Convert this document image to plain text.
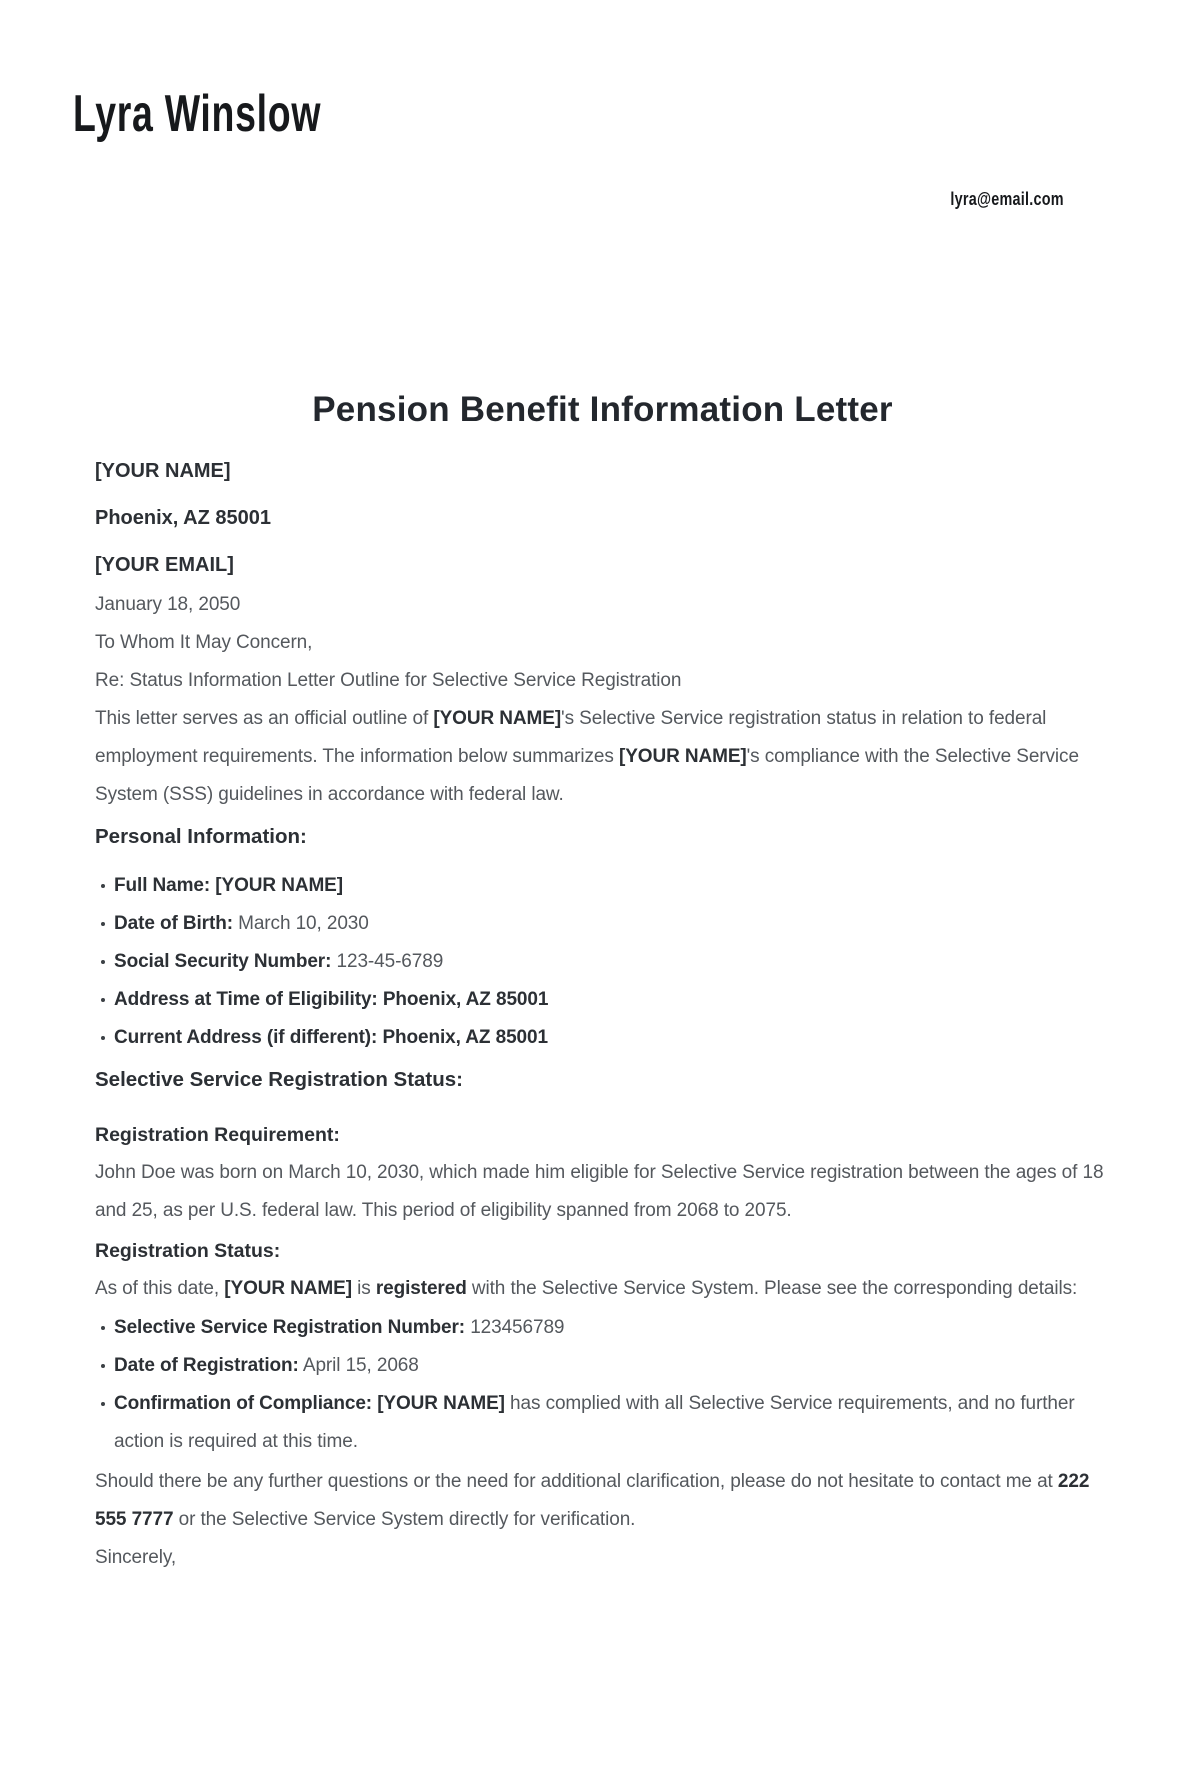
Lyra Winslow
lyra@email.com
Pension Benefit Information Letter

[YOUR NAME]

Phoenix, AZ 85001

[YOUR EMAIL]

January 18, 2050

To Whom It May Concern,

Re: Status Information Letter Outline for Selective Service Registration

This letter serves as an official outline of [YOUR NAME]'s Selective Service registration status in relation to federal employment requirements. The information below summarizes [YOUR NAME]'s compliance with the Selective Service System (SSS) guidelines in accordance with federal law.

Personal Information:
Full Name: [YOUR NAME]
Date of Birth: March 10, 2030
Social Security Number: 123-45-6789
Address at Time of Eligibility: Phoenix, AZ 85001
Current Address (if different): Phoenix, AZ 85001
Selective Service Registration Status:
Registration Requirement:

John Doe was born on March 10, 2030, which made him eligible for Selective Service registration between the ages of 18 and 25, as per U.S. federal law. This period of eligibility spanned from 2068 to 2075.

Registration Status:

As of this date, [YOUR NAME] is registered with the Selective Service System. Please see the corresponding details:

Selective Service Registration Number: 123456789
Date of Registration: April 15, 2068
Confirmation of Compliance: [YOUR NAME] has complied with all Selective Service requirements, and no further action is required at this time.

Should there be any further questions or the need for additional clarification, please do not hesitate to contact me at 222 555 7777 or the Selective Service System directly for verification.

Sincerely,
